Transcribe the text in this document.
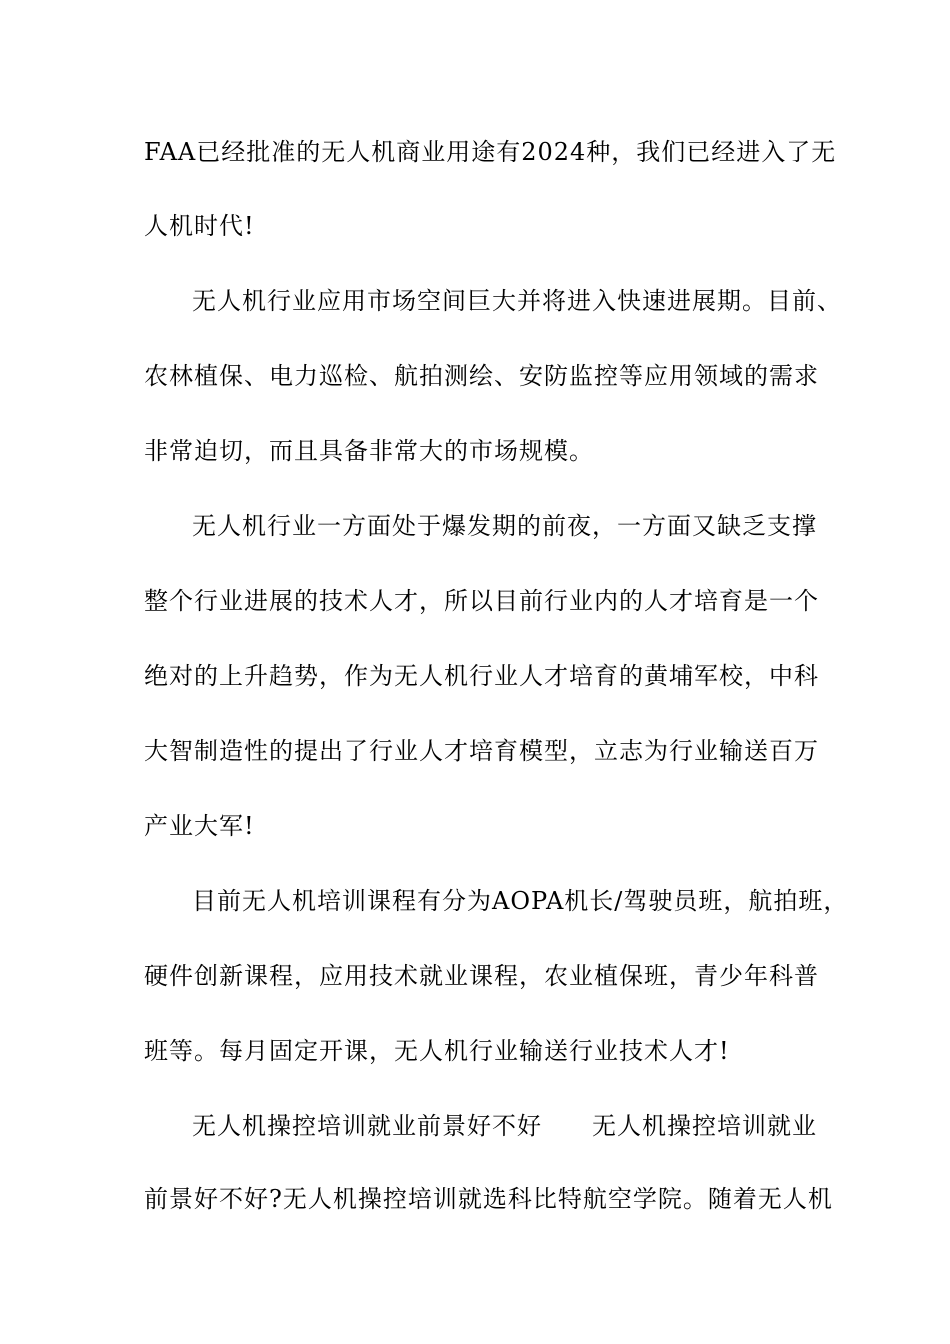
FAA已经批准的无人机商业用途有2024种，我们已经进入了无
人机时代!
无人机行业应用市场空间巨大并将进入快速进展期。目前、
农林植保、电力巡检、航拍测绘、安防监控等应用领域的需求
非常迫切，而且具备非常大的市场规模。
无人机行业一方面处于爆发期的前夜，一方面又缺乏支撑
整个行业进展的技术人才，所以目前行业内的人才培育是一个
绝对的上升趋势，作为无人机行业人才培育的黄埔军校，中科
大智制造性的提出了行业人才培育模型，立志为行业输送百万
产业大军!
目前无人机培训课程有分为AOPA机长/驾驶员班，航拍班，
硬件创新课程，应用技术就业课程，农业植保班，青少年科普
班等。每月固定开课，无人机行业输送行业技术人才!
无人机操控培训就业前景好不好　　无人机操控培训就业
前景好不好?无人机操控培训就选科比特航空学院。随着无人机
